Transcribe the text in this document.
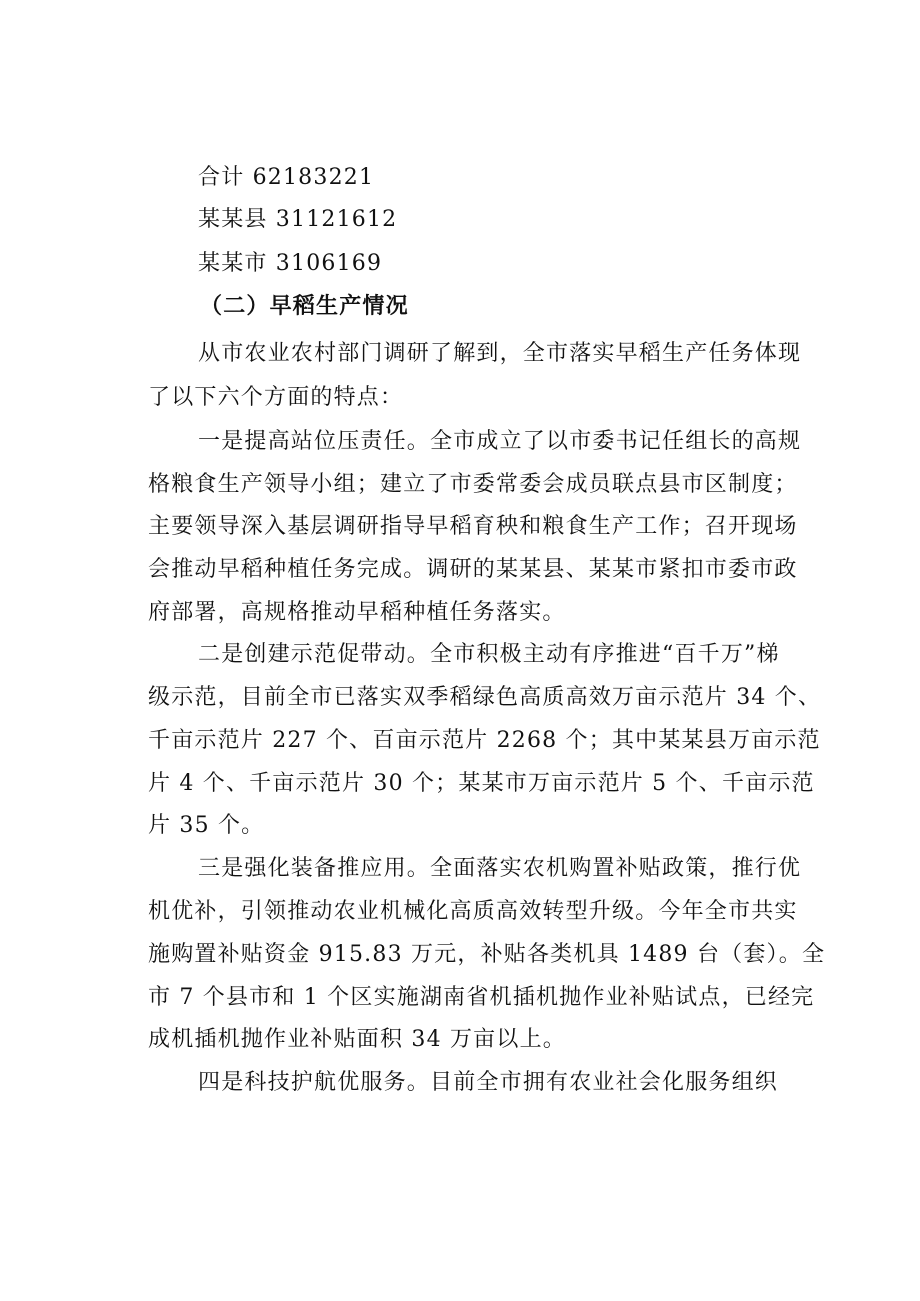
合计 62183221
某某县 31121612
某某市 3106169
（二）早稻生产情况
从市农业农村部门调研了解到，全市落实早稻生产任务体现
了以下六个方面的特点：
一是提高站位压责任。全市成立了以市委书记任组长的高规
格粮食生产领导小组；建立了市委常委会成员联点县市区制度；
主要领导深入基层调研指导早稻育秧和粮食生产工作；召开现场
会推动早稻种植任务完成。调研的某某县、某某市紧扣市委市政
府部署，高规格推动早稻种植任务落实。
二是创建示范促带动。全市积极主动有序推进“百千万”梯
级示范，目前全市已落实双季稻绿色高质高效万亩示范片 34 个、
千亩示范片 227 个、百亩示范片 2268 个；其中某某县万亩示范
片 4 个、千亩示范片 30 个；某某市万亩示范片 5 个、千亩示范
片 35 个。
三是强化装备推应用。全面落实农机购置补贴政策，推行优
机优补，引领推动农业机械化高质高效转型升级。今年全市共实
施购置补贴资金 915.83 万元，补贴各类机具 1489 台（套）。全
市 7 个县市和 1 个区实施湖南省机插机抛作业补贴试点，已经完
成机插机抛作业补贴面积 34 万亩以上。
四是科技护航优服务。目前全市拥有农业社会化服务组织
